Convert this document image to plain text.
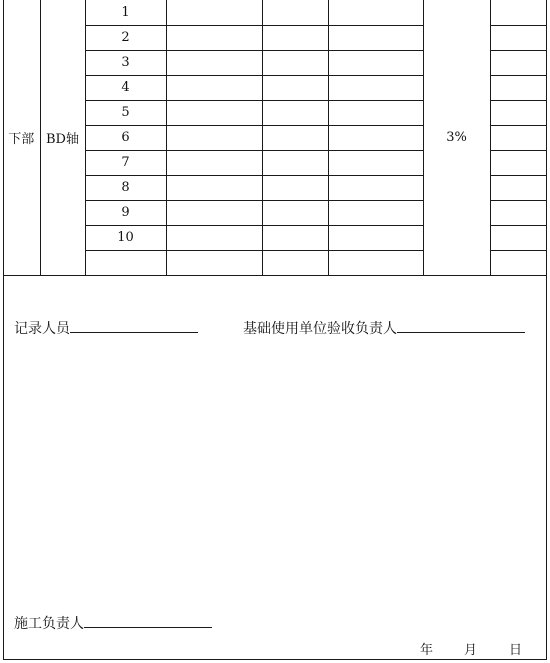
下部	BD轴	1				3%	
		2					
		3					
		4					
		5					
		6					
		7					
		8					
		9					
		10					

记录人员	基础使用单位验收负责人
施工负责人
年 月 日
